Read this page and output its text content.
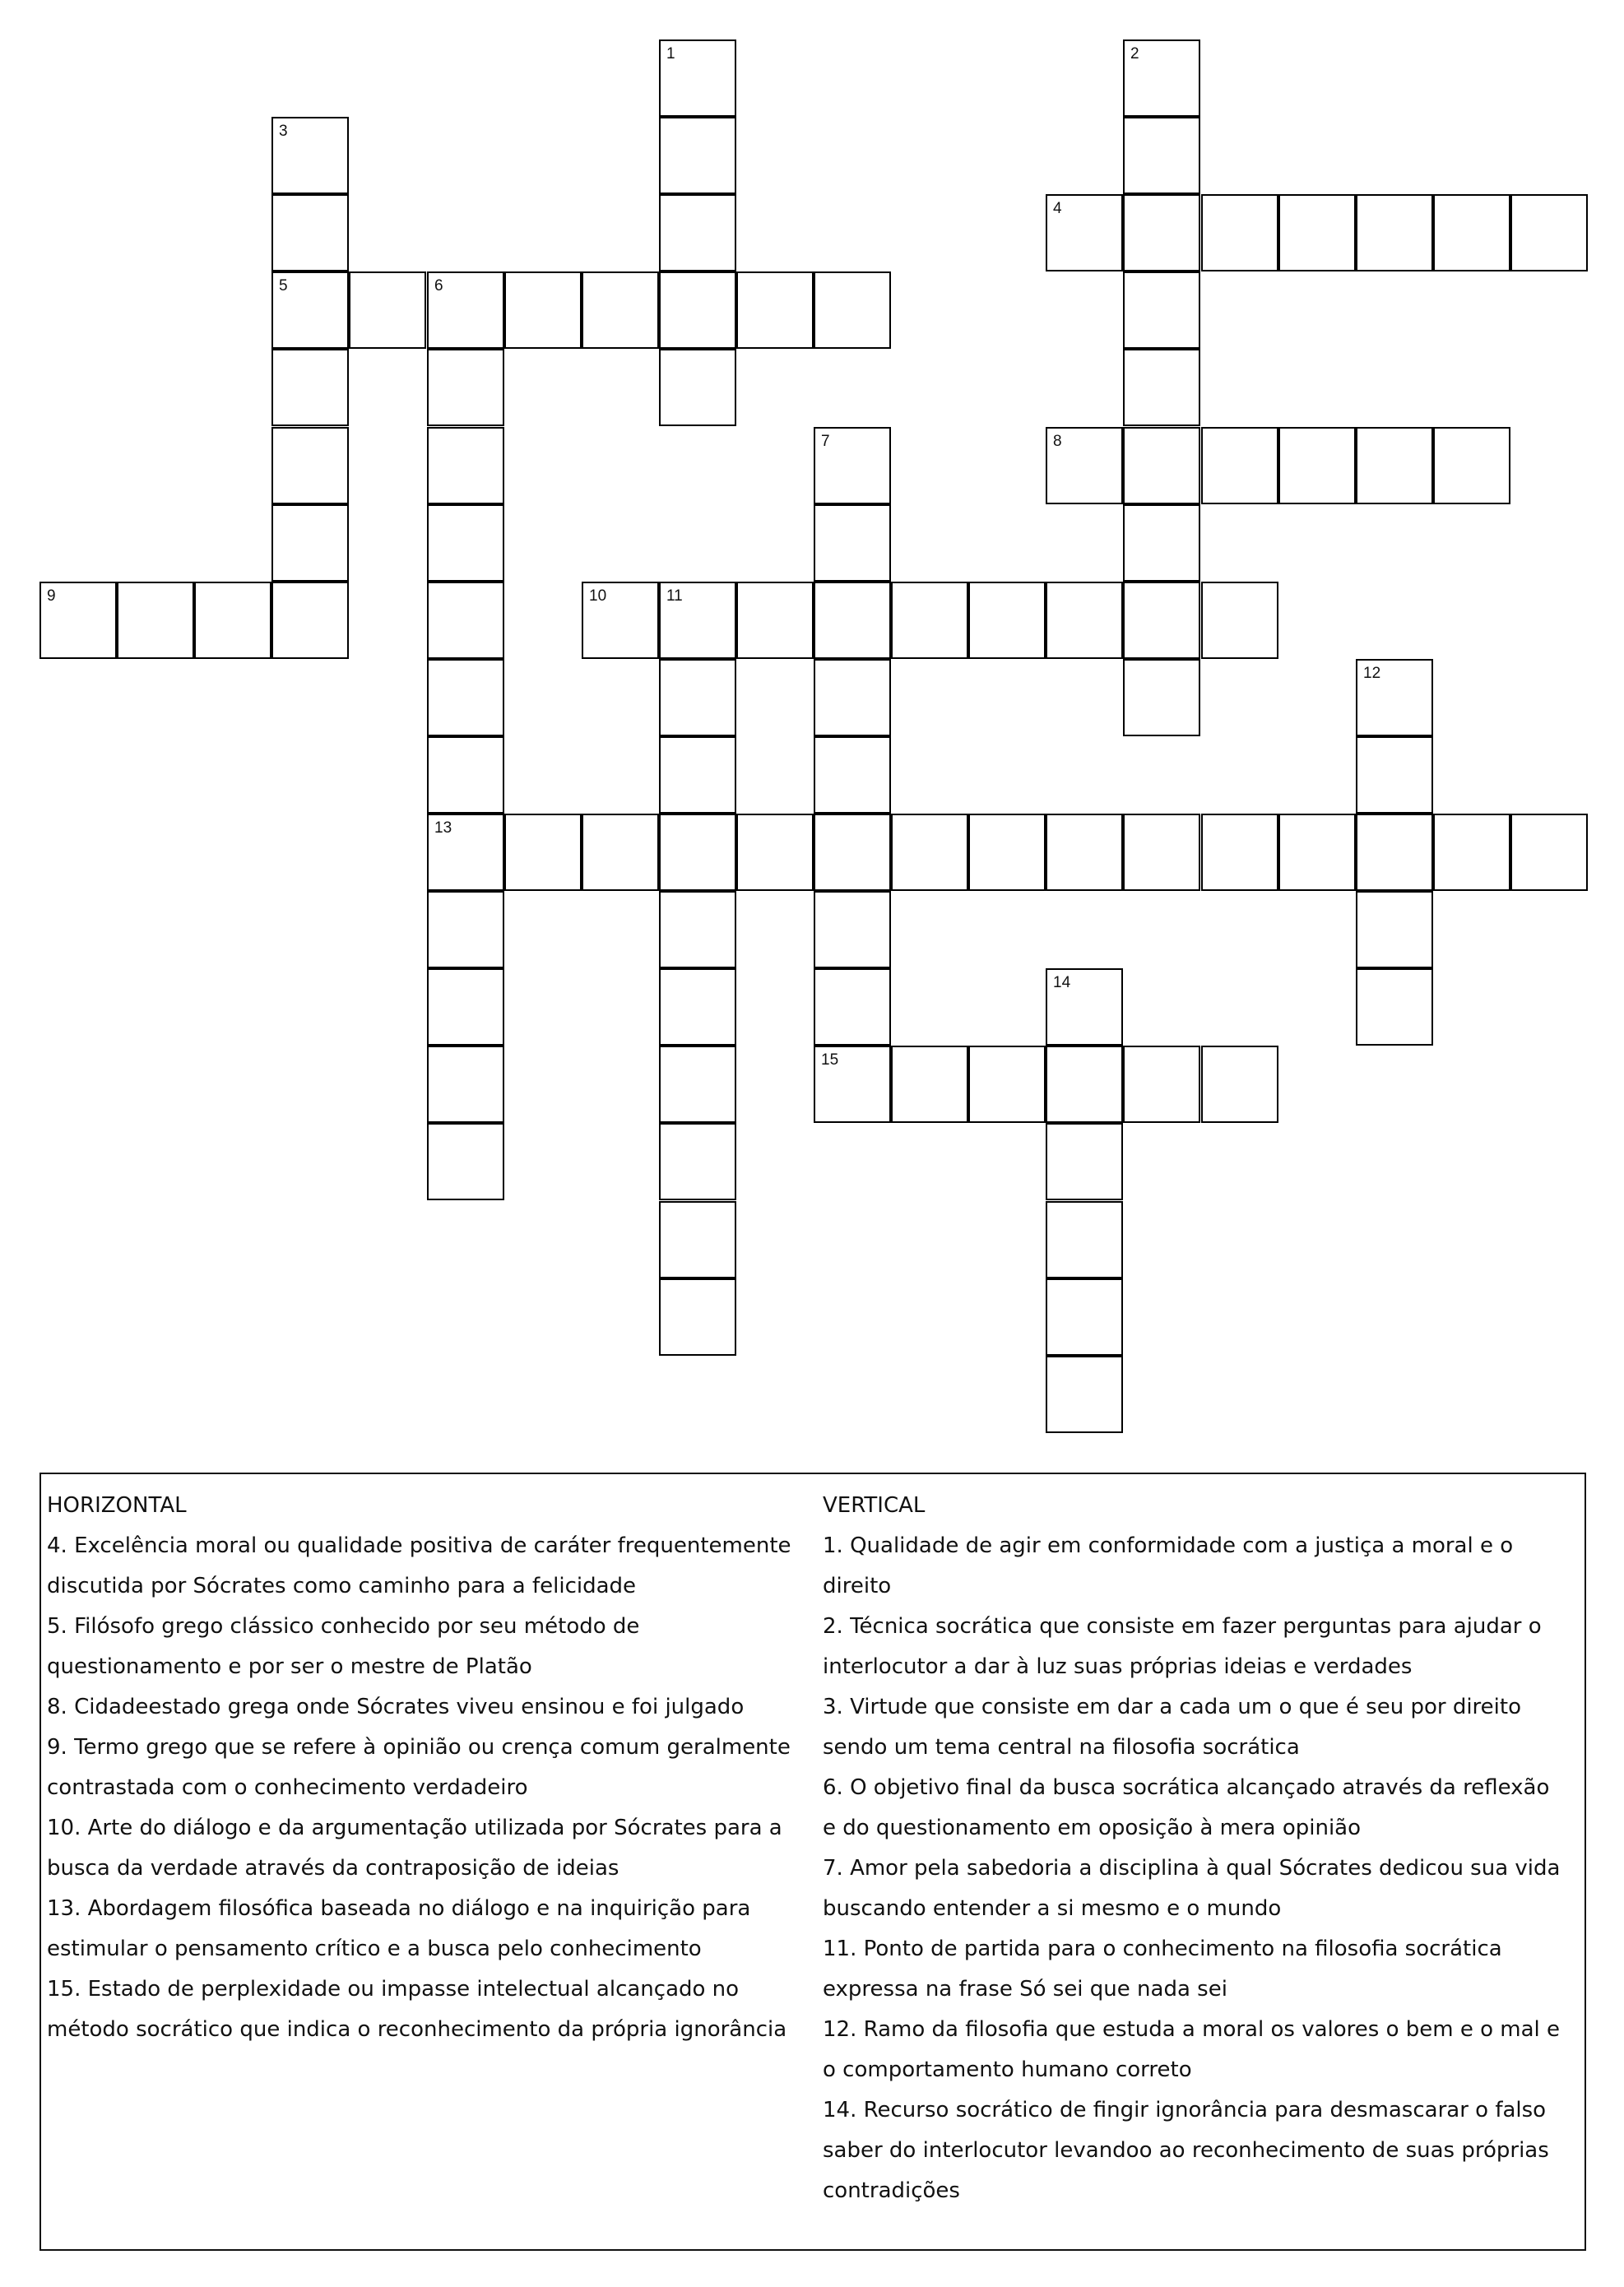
1	2
3
5
4
6
13
7	8
9	10	11
12
14
15
HORIZONTAL
4. Excelência moral ou qualidade positiva de caráter frequentemente
discutida por Sócrates como caminho para a felicidade
5. Filósofo grego clássico conhecido por seu método de
questionamento e por ser o mestre de Platão
8. Cidadeestado grega onde Sócrates viveu ensinou e foi julgado
9. Termo grego que se refere à opinião ou crença comum geralmente
contrastada com o conhecimento verdadeiro
10. Arte do diálogo e da argumentação utilizada por Sócrates para a
busca da verdade através da contraposição de ideias
13. Abordagem filosófica baseada no diálogo e na inquirição para
estimular o pensamento crítico e a busca pelo conhecimento
15. Estado de perplexidade ou impasse intelectual alcançado no
método socrático que indica o reconhecimento da própria ignorância
VERTICAL
1. Qualidade de agir em conformidade com a justiça a moral e o
direito
2. Técnica socrática que consiste em fazer perguntas para ajudar o
interlocutor a dar à luz suas próprias ideias e verdades
3. Virtude que consiste em dar a cada um o que é seu por direito
sendo um tema central na filosofia socrática
6. O objetivo final da busca socrática alcançado através da reflexão
e do questionamento em oposição à mera opinião
7. Amor pela sabedoria a disciplina à qual Sócrates dedicou sua vida
buscando entender a si mesmo e o mundo
11. Ponto de partida para o conhecimento na filosofia socrática
expressa na frase Só sei que nada sei
12. Ramo da filosofia que estuda a moral os valores o bem e o mal e
o comportamento humano correto
14. Recurso socrático de fingir ignorância para desmascarar o falso
saber do interlocutor levandoo ao reconhecimento de suas próprias
contradições
